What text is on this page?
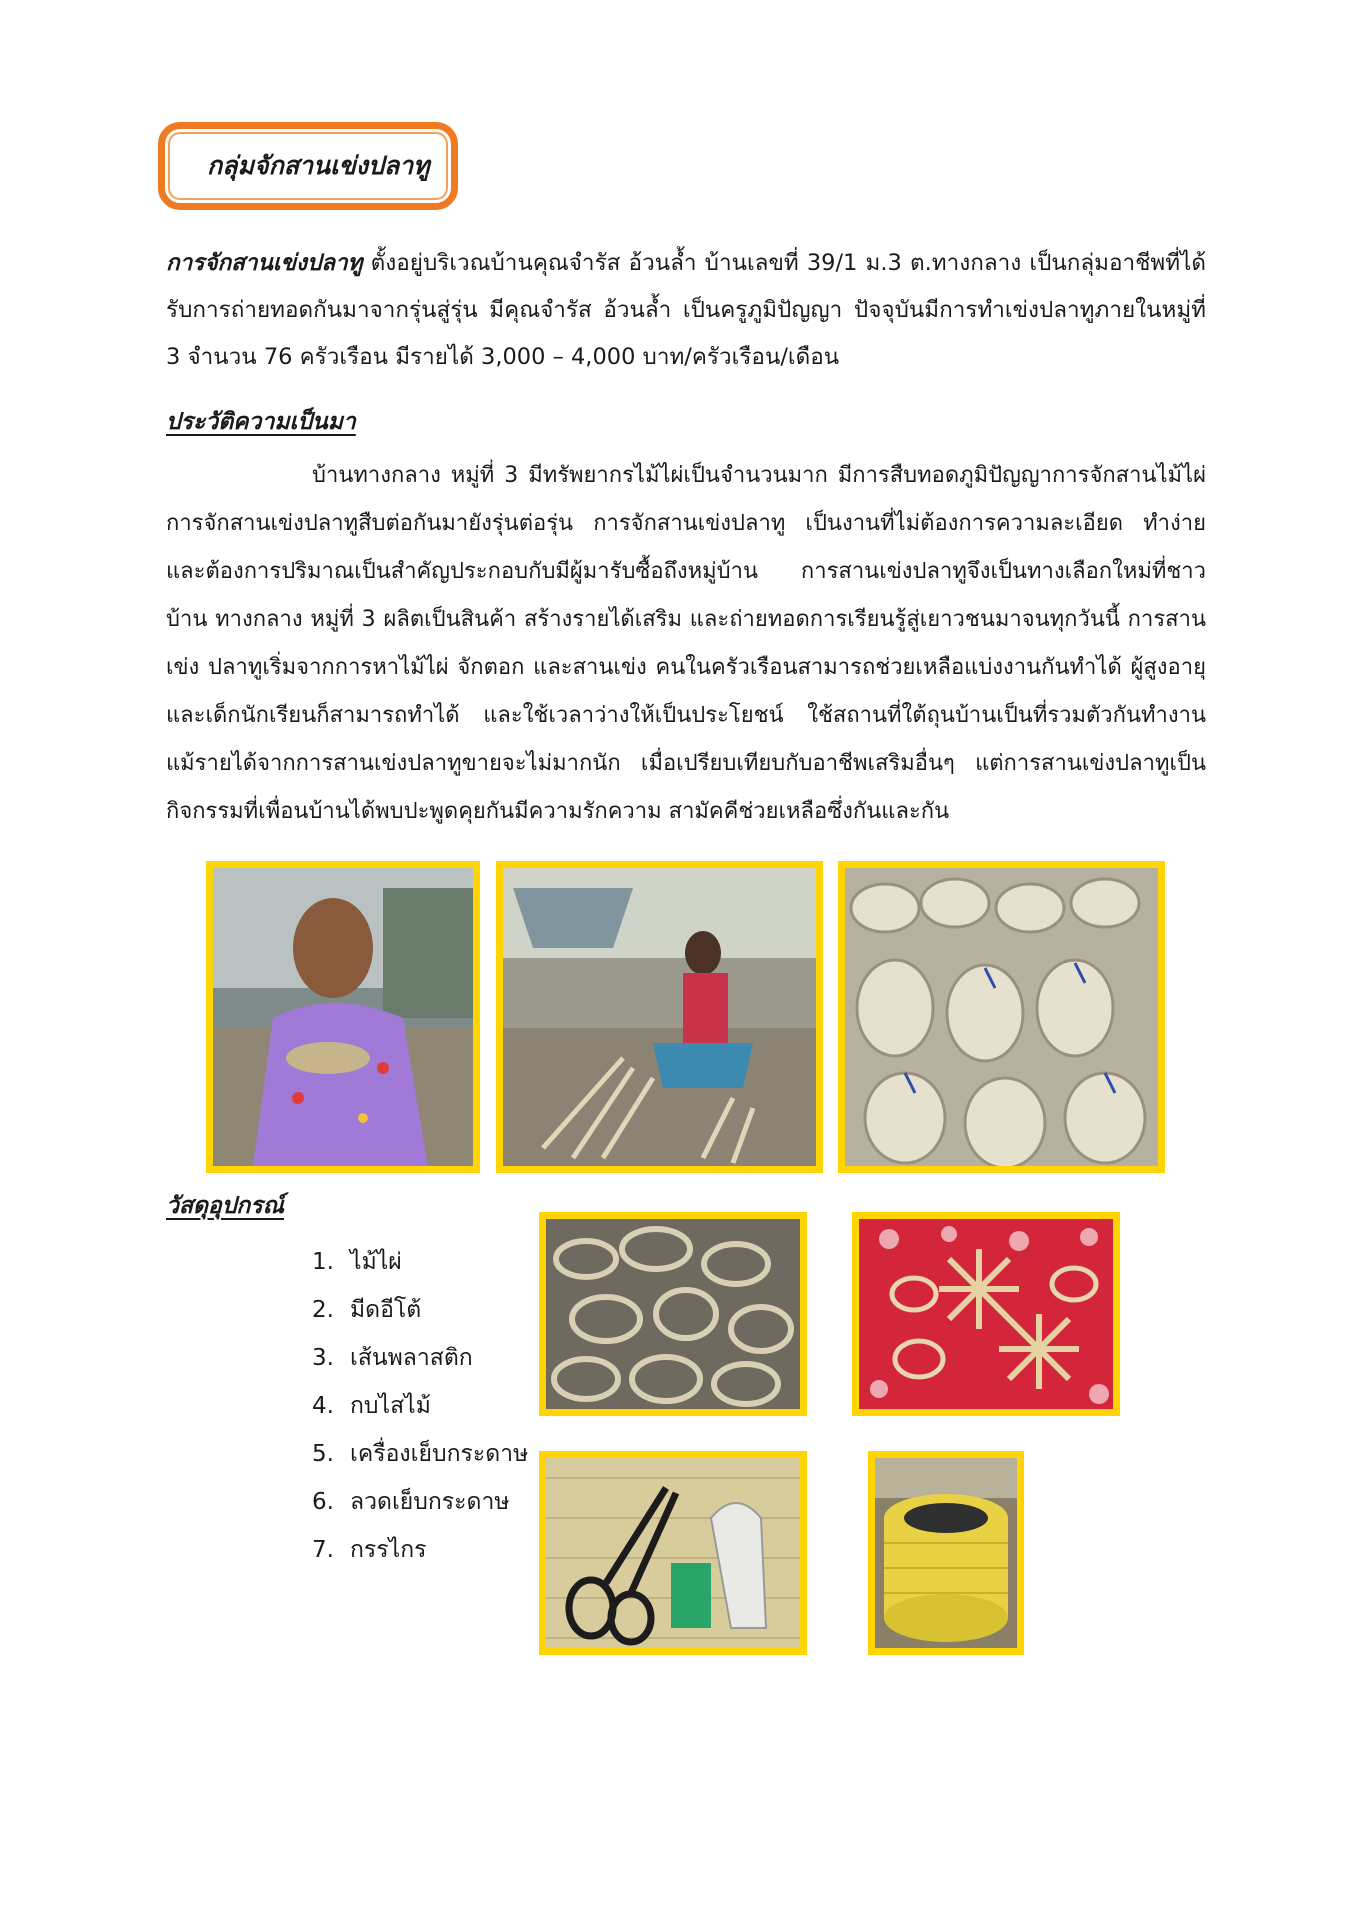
กลุ่มจักสานเข่งปลาทู

การจักสานเข่งปลาทู ตั้งอยู่บริเวณบ้านคุณจำรัส อ้วนล้ำ บ้านเลขที่ 39/1 ม.3 ต.ทางกลาง เป็นกลุ่มอาชีพที่ได้รับการถ่ายทอดกันมาจากรุ่นสู่รุ่น มีคุณจำรัส อ้วนล้ำ เป็นครูภูมิปัญญา ปัจจุบันมีการทำเข่งปลาทูภายในหมู่ที่ 3 จำนวน 76 ครัวเรือน มีรายได้ 3,000 – 4,000 บาท/ครัวเรือน/เดือน

ประวัติความเป็นมา

บ้านทางกลาง หมู่ที่ 3 มีทรัพยากรไม้ไผ่เป็นจำนวนมาก มีการสืบทอดภูมิปัญญาการจักสานไม้ไผ่ การจักสานเข่งปลาทูสืบต่อกันมายังรุ่นต่อรุ่น การจักสานเข่งปลาทู เป็นงานที่ไม่ต้องการความละเอียด ทำง่ายและต้องการปริมาณเป็นสำคัญประกอบกับมีผู้มารับซื้อถึงหมู่บ้าน การสานเข่งปลาทูจึงเป็นทางเลือกใหม่ที่ชาวบ้าน ทางกลาง หมู่ที่ 3 ผลิตเป็นสินค้า สร้างรายได้เสริม และถ่ายทอดการเรียนรู้สู่เยาวชนมาจนทุกวันนี้ การสานเข่ง ปลาทูเริ่มจากการหาไม้ไผ่ จักตอก และสานเข่ง คนในครัวเรือนสามารถช่วยเหลือแบ่งงานกันทำได้ ผู้สูงอายุและเด็กนักเรียนก็สามารถทำได้ และใช้เวลาว่างให้เป็นประโยชน์ ใช้สถานที่ใต้ถุนบ้านเป็นที่รวมตัวกันทำงาน แม้รายได้จากการสานเข่งปลาทูขายจะไม่มากนัก เมื่อเปรียบเทียบกับอาชีพเสริมอื่นๆ แต่การสานเข่งปลาทูเป็นกิจกรรมที่เพื่อนบ้านได้พบปะพูดคุยกันมีความรักความ สามัคคีช่วยเหลือซึ่งกันและกัน

วัสดุอุปกรณ์
1. ไม้ไผ่
2. มีดอีโต้
3. เส้นพลาสติก
4. กบไสไม้
5. เครื่องเย็บกระดาษ
6. ลวดเย็บกระดาษ
7. กรรไกร
